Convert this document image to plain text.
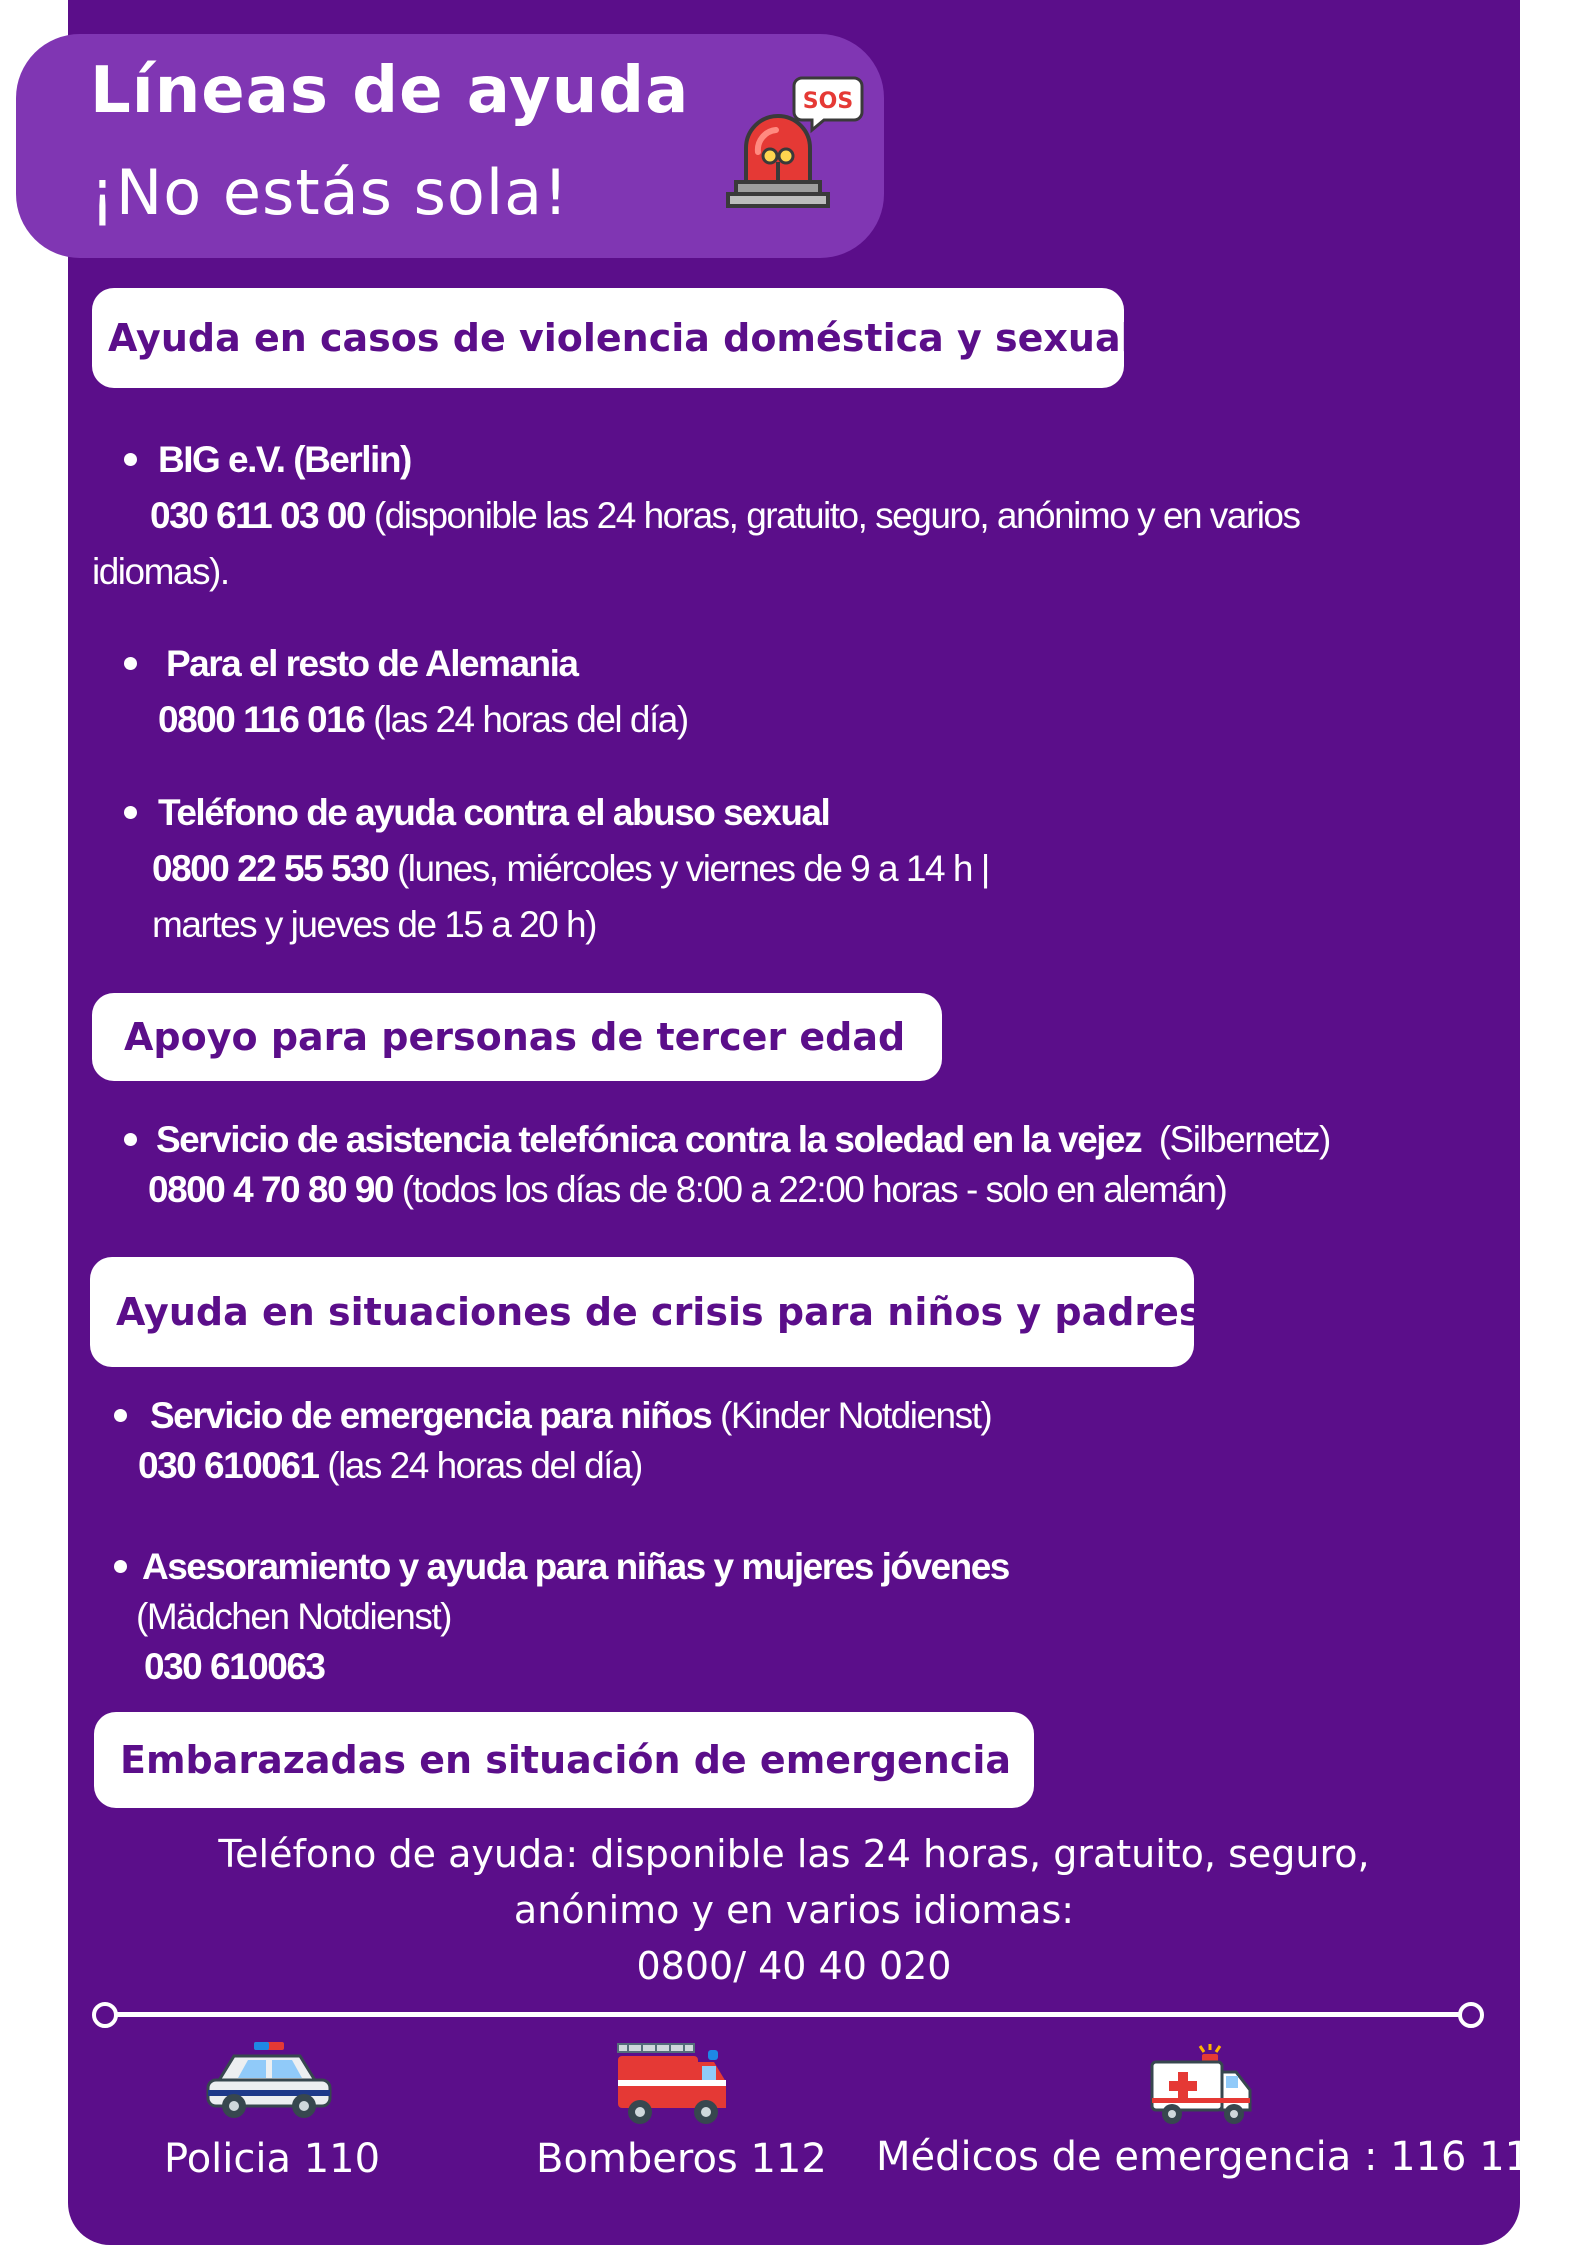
Líneas de ayuda
¡No estás sola!
SOS
Ayuda en casos de violencia doméstica y sexual
BIG e.V. (Berlin)
030 611 03 00 (disponible las 24 horas, gratuito, seguro, anónimo y en varios
idiomas).
Para el resto de Alemania
0800 116 016 (las 24 horas del día)
Teléfono de ayuda contra el abuso sexual
0800 22 55 530 (lunes, miércoles y viernes de 9 a 14 h |
martes y jueves de 15 a 20 h)
Apoyo para personas de tercer edad
Servicio de asistencia telefónica contra la soledad en la vejez (Silbernetz)
0800 4 70 80 90 (todos los días de 8:00 a 22:00 horas - solo en alemán)
Ayuda en situaciones de crisis para niños y padres
Servicio de emergencia para niños (Kinder Notdienst)
030 610061 (las 24 horas del día)
Asesoramiento y ayuda para niñas y mujeres jóvenes
(Mädchen Notdienst)
030 610063
Embarazadas en situación de emergencia
Teléfono de ayuda: disponible las 24 horas, gratuito, seguro,
anónimo y en varios idiomas:
0800/ 40 40 020
Policia 110	Bomberos 112 Médicos de emergencia : 116 117
